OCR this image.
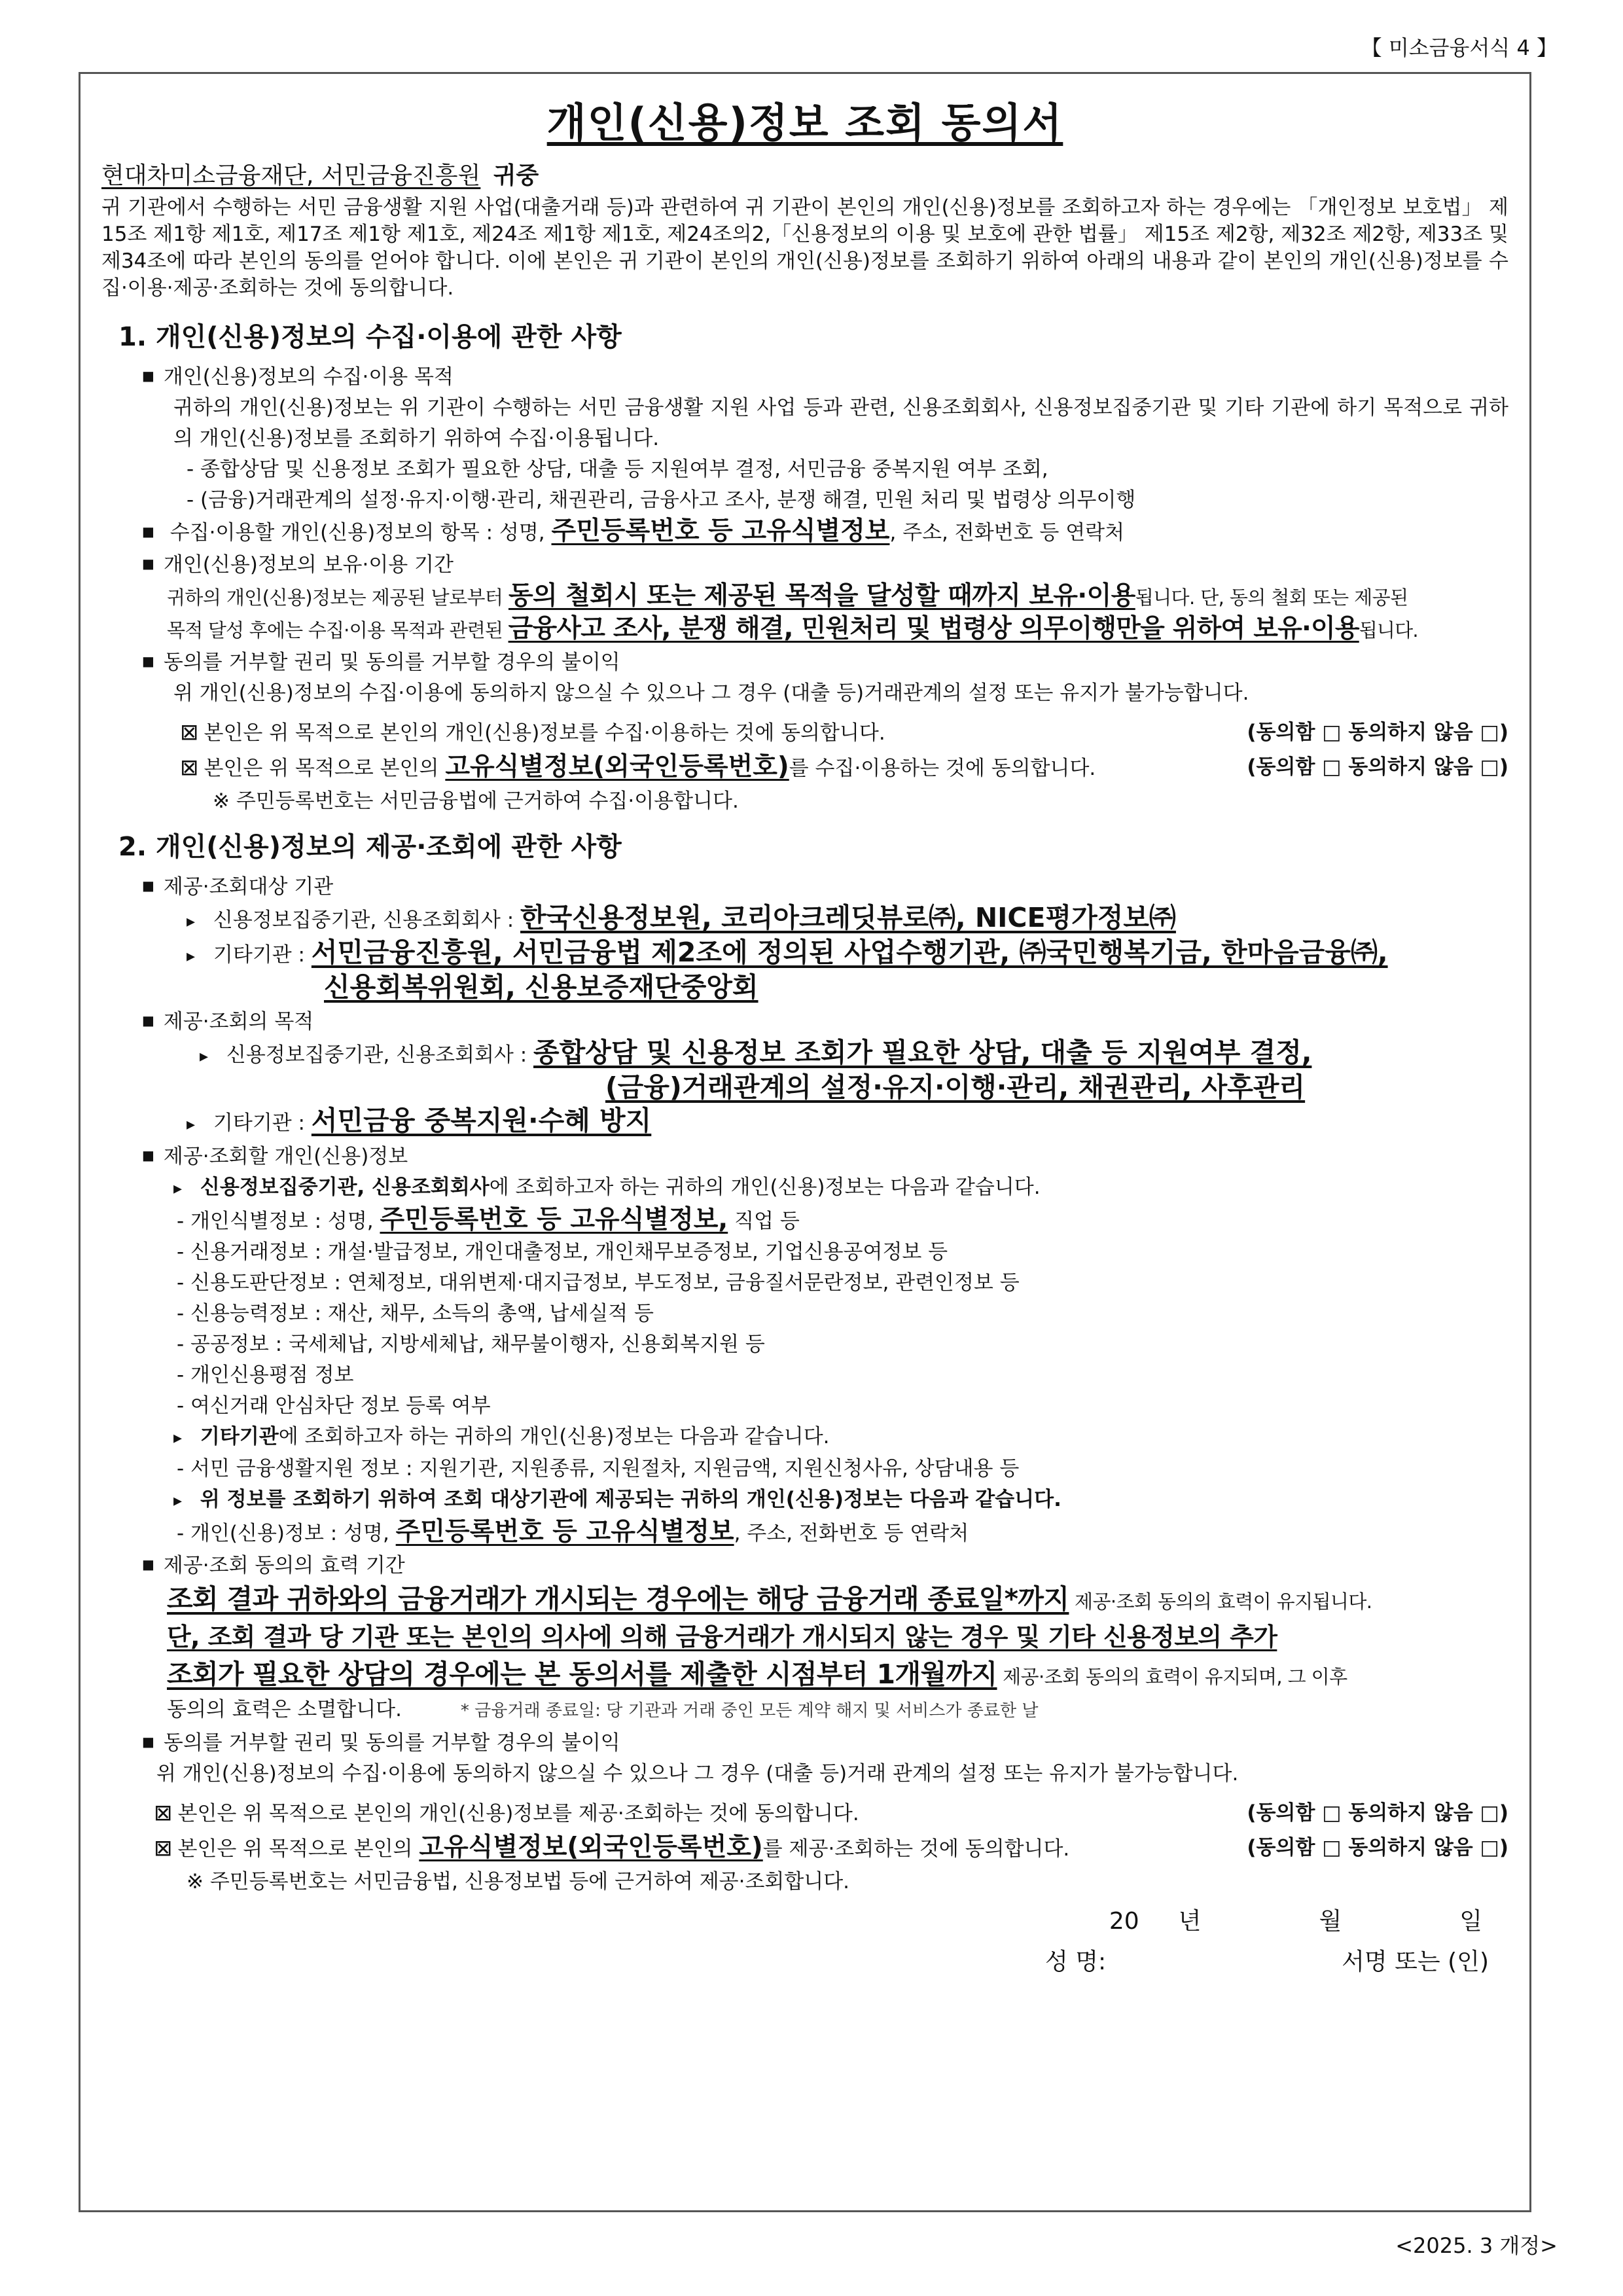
【 미소금융서식 4 】
개인(신용)정보 조회 동의서
현대차미소금융재단, 서민금융진흥원 귀중
귀 기관에서 수행하는 서민 금융생활 지원 사업(대출거래 등)과 관련하여 귀 기관이 본인의 개인(신용)정보를 조회하고자 하는 경우에는 「개인정보 보호법」 제15조 제1항 제1호, 제17조 제1항 제1호, 제24조 제1항 제1호, 제24조의2,「신용정보의 이용 및 보호에 관한 법률」 제15조 제2항, 제32조 제2항, 제33조 및 제34조에 따라 본인의 동의를 얻어야 합니다. 이에 본인은 귀 기관이 본인의 개인(신용)정보를 조회하기 위하여 아래의 내용과 같이 본인의 개인(신용)정보를 수집·이용·제공·조회하는 것에 동의합니다.
1. 개인(신용)정보의 수집·이용에 관한 사항
■ 개인(신용)정보의 수집·이용 목적
귀하의 개인(신용)정보는 위 기관이 수행하는 서민 금융생활 지원 사업 등과 관련, 신용조회회사, 신용정보집중기관 및 기타 기관에 하기 목적으로 귀하의 개인(신용)정보를 조회하기 위하여 수집·이용됩니다.
- 종합상담 및 신용정보 조회가 필요한 상담, 대출 등 지원여부 결정, 서민금융 중복지원 여부 조회,
- (금융)거래관계의 설정·유지·이행·관리, 채권관리, 금융사고 조사, 분쟁 해결, 민원 처리 및 법령상 의무이행
■ 수집·이용할 개인(신용)정보의 항목 : 성명, 주민등록번호 등 고유식별정보, 주소, 전화번호 등 연락처
■ 개인(신용)정보의 보유·이용 기간
귀하의 개인(신용)정보는 제공된 날로부터 동의 철회시 또는 제공된 목적을 달성할 때까지 보유·이용됩니다. 단, 동의 철회 또는 제공된
목적 달성 후에는 수집·이용 목적과 관련된 금융사고 조사, 분쟁 해결, 민원처리 및 법령상 의무이행만을 위하여 보유·이용됩니다.
■ 동의를 거부할 권리 및 동의를 거부할 경우의 불이익
위 개인(신용)정보의 수집·이용에 동의하지 않으실 수 있으나 그 경우 (대출 등)거래관계의 설정 또는 유지가 불가능합니다.
⊠ 본인은 위 목적으로 본인의 개인(신용)정보를 수집·이용하는 것에 동의합니다.	(동의함 □ 동의하지 않음 □)
⊠ 본인은 위 목적으로 본인의 고유식별정보(외국인등록번호)를 수집·이용하는 것에 동의합니다.	(동의함 □ 동의하지 않음 □)
※ 주민등록번호는 서민금융법에 근거하여 수집·이용합니다.
2. 개인(신용)정보의 제공·조회에 관한 사항
■ 제공·조회대상 기관
▸ 신용정보집중기관, 신용조회회사 : 한국신용정보원, 코리아크레딧뷰로㈜, NICE평가정보㈜
▸ 기타기관 : 서민금융진흥원, 서민금융법 제2조에 정의된 사업수행기관, ㈜국민행복기금, 한마음금융㈜,
신용회복위원회, 신용보증재단중앙회
■ 제공·조회의 목적
▸ 신용정보집중기관, 신용조회회사 : 종합상담 및 신용정보 조회가 필요한 상담, 대출 등 지원여부 결정,
(금융)거래관계의 설정·유지·이행·관리, 채권관리, 사후관리
▸ 기타기관 : 서민금융 중복지원·수혜 방지
■ 제공·조회할 개인(신용)정보
▸ 신용정보집중기관, 신용조회회사에 조회하고자 하는 귀하의 개인(신용)정보는 다음과 같습니다.
- 개인식별정보 : 성명, 주민등록번호 등 고유식별정보, 직업 등
- 신용거래정보 : 개설·발급정보, 개인대출정보, 개인채무보증정보, 기업신용공여정보 등
- 신용도판단정보 : 연체정보, 대위변제·대지급정보, 부도정보, 금융질서문란정보, 관련인정보 등
- 신용능력정보 : 재산, 채무, 소득의 총액, 납세실적 등
- 공공정보 : 국세체납, 지방세체납, 채무불이행자, 신용회복지원 등
- 개인신용평점 정보
- 여신거래 안심차단 정보 등록 여부
▸ 기타기관에 조회하고자 하는 귀하의 개인(신용)정보는 다음과 같습니다.
- 서민 금융생활지원 정보 : 지원기관, 지원종류, 지원절차, 지원금액, 지원신청사유, 상담내용 등
▸ 위 정보를 조회하기 위하여 조회 대상기관에 제공되는 귀하의 개인(신용)정보는 다음과 같습니다.
- 개인(신용)정보 : 성명, 주민등록번호 등 고유식별정보, 주소, 전화번호 등 연락처
■ 제공·조회 동의의 효력 기간
조회 결과 귀하와의 금융거래가 개시되는 경우에는 해당 금융거래 종료일*까지 제공·조회 동의의 효력이 유지됩니다.
단, 조회 결과 당 기관 또는 본인의 의사에 의해 금융거래가 개시되지 않는 경우 및 기타 신용정보의 추가
조회가 필요한 상담의 경우에는 본 동의서를 제출한 시점부터 1개월까지 제공·조회 동의의 효력이 유지되며, 그 이후
동의의 효력은 소멸합니다.	* 금융거래 종료일: 당 기관과 거래 중인 모든 계약 해지 및 서비스가 종료한 날
■ 동의를 거부할 권리 및 동의를 거부할 경우의 불이익
위 개인(신용)정보의 수집·이용에 동의하지 않으실 수 있으나 그 경우 (대출 등)거래 관계의 설정 또는 유지가 불가능합니다.
⊠ 본인은 위 목적으로 본인의 개인(신용)정보를 제공·조회하는 것에 동의합니다.	(동의함 □ 동의하지 않음 □)
⊠ 본인은 위 목적으로 본인의 고유식별정보(외국인등록번호)를 제공·조회하는 것에 동의합니다.	(동의함 □ 동의하지 않음 □)
※ 주민등록번호는 서민금융법, 신용정보법 등에 근거하여 제공·조회합니다.
20 년	월	일
성 명:	서명 또는 (인)
<2025. 3 개정>
